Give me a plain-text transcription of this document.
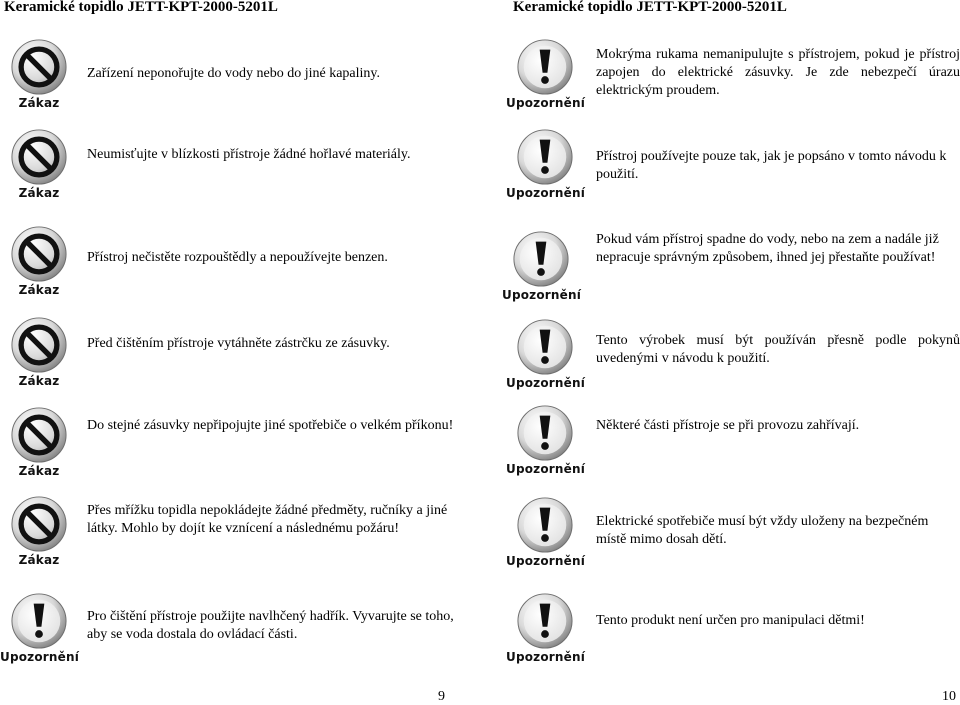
Keramické topidlo JETT-KPT-2000-5201L
Zákaz
Zařízení neponořujte do vody nebo do jiné kapaliny.
Zákaz
Neumisťujte v blízkosti přístroje žádné hořlavé materiály.
Zákaz
Přístroj nečistěte rozpouštědly a nepoužívejte benzen.
Zákaz
Před čištěním přístroje vytáhněte zástrčku ze zásuvky.
Zákaz
Do stejné zásuvky nepřipojujte jiné spotřebiče o velkém příkonu!
Zákaz
Přes mřížku topidla nepokládejte žádné předměty, ručníky a jiné látky. Mohlo by dojít ke vznícení a následnému požáru!
Upozornění
Pro čištění přístroje použijte navlhčený hadřík. Vyvarujte se toho, aby se voda dostala do ovládací části.
9
Keramické topidlo JETT-KPT-2000-5201L
Upozornění
Mokrýma rukama nemanipulujte s přístrojem, pokud je přístroj zapojen do elektrické zásuvky. Je zde nebezpečí úrazu elektrickým proudem.
Upozornění
Přístroj používejte pouze tak, jak je popsáno v tomto návodu k použití.
Upozornění
Pokud vám přístroj spadne do vody, nebo na zem a nadále již nepracuje správným způsobem, ihned jej přestaňte používat!
Upozornění
Tento výrobek musí být používán přesně podle pokynů uvedenými v návodu k použití.
Upozornění
Některé části přístroje se při provozu zahřívají.
Upozornění
Elektrické spotřebiče musí být vždy uloženy na bezpečném místě mimo dosah dětí.
Upozornění
Tento produkt není určen pro manipulaci dětmi!
10
